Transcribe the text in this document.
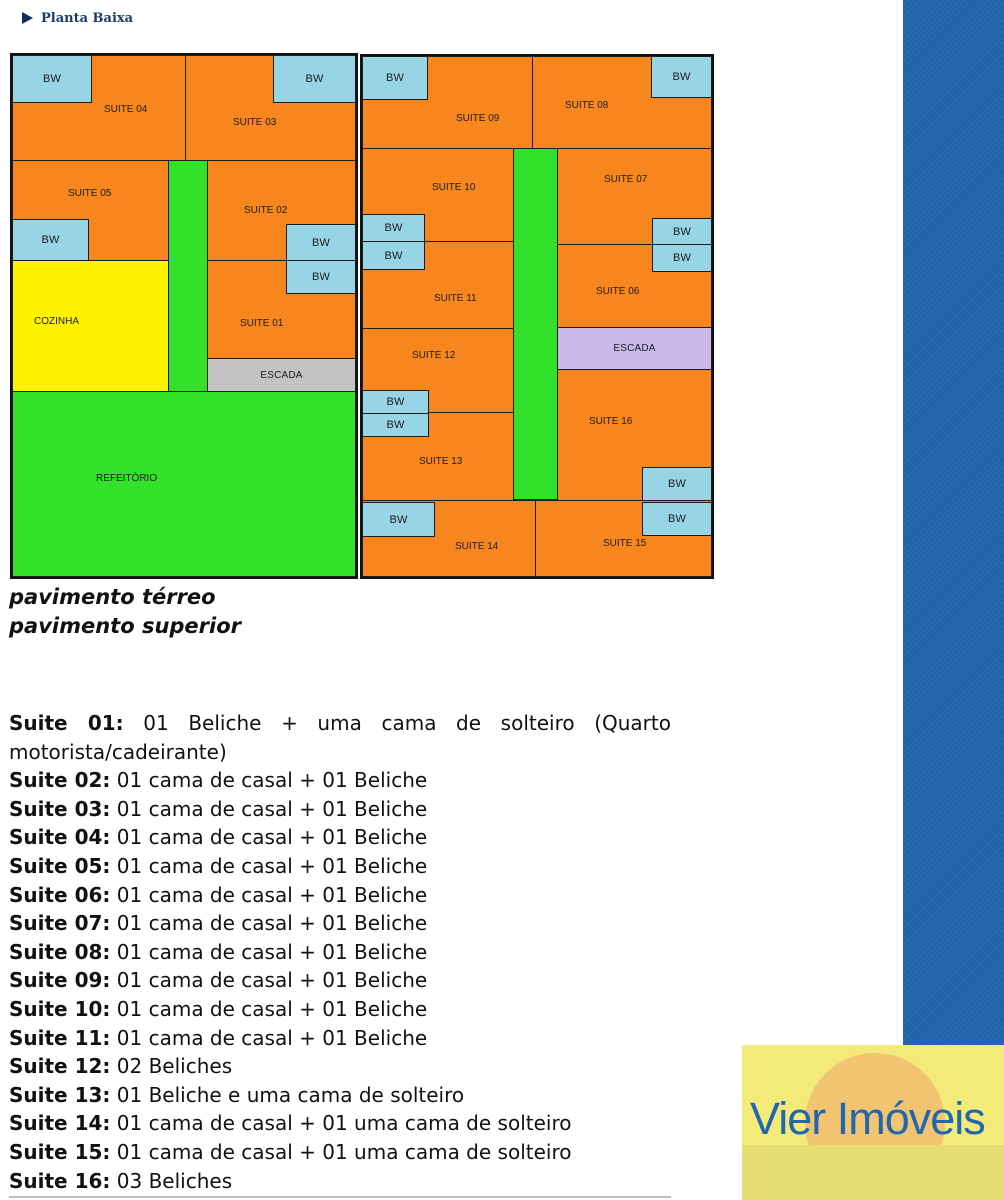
Planta Baixa
BW
SUITE 04
BW
SUITE 03
SUITE 05
BW
SUITE 02
BW
BW
SUITE 01
COZINHA
ESCADA
REFEITÓRIO
BW
SUITE 09
BW
SUITE 08
SUITE 10
BW
SUITE 07
BW
BW
SUITE 11
BW
SUITE 06
SUITE 12
ESCADA
BW
BW
SUITE 13
SUITE 16
BW
BW
SUITE 14
BW
SUITE 15
pavimento térreo
pavimento superior
Suite 01: 01 Beliche + uma cama de solteiro (Quarto motorista/cadeirante)
Suite 02: 01 cama de casal + 01 Beliche
Suite 03: 01 cama de casal + 01 Beliche
Suite 04: 01 cama de casal + 01 Beliche
Suite 05: 01 cama de casal + 01 Beliche
Suite 06: 01 cama de casal + 01 Beliche
Suite 07: 01 cama de casal + 01 Beliche
Suite 08: 01 cama de casal + 01 Beliche
Suite 09: 01 cama de casal + 01 Beliche
Suite 10: 01 cama de casal + 01 Beliche
Suite 11: 01 cama de casal + 01 Beliche
Suite 12: 02 Beliches
Suite 13: 01 Beliche e uma cama de solteiro
Suite 14: 01 cama de casal + 01 uma cama de solteiro
Suite 15: 01 cama de casal + 01 uma cama de solteiro
Suite 16: 03 Beliches
Vier Imóveis
